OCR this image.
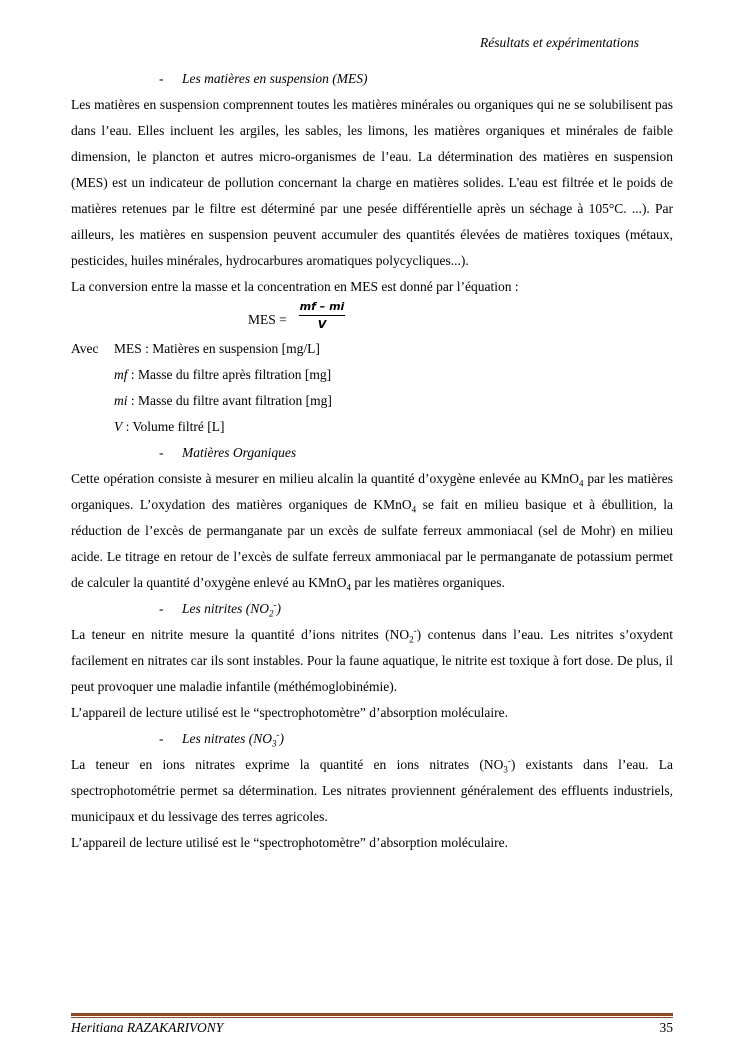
Résultats et expérimentations
- Les matières en suspension (MES)

Les matières en suspension comprennent toutes les matières minérales ou organiques qui ne se solubilisent pas dans l’eau. Elles incluent les argiles, les sables, les limons, les matières organiques et minérales de faible dimension, le plancton et autres micro-organismes de l’eau. La détermination des matières en suspension (MES) est un indicateur de pollution concernant la charge en matières solides. L'eau est filtrée et le poids de matières retenues par le filtre est déterminé par une pesée différentielle après un séchage à 105°C. ...). Par ailleurs, les matières en suspension peuvent accumuler des quantités élevées de matières toxiques (métaux, pesticides, huiles minérales, hydrocarbures aromatiques polycycliques...).

La conversion entre la masse et la concentration en MES est donné par l’équation :

MES = $\frac{mf - mi}{V}$
Avec MES : Matières en suspension [mg/L]
mf : Masse du filtre après filtration [mg]
mi : Masse du filtre avant filtration [mg]
V : Volume filtré [L]
- Matières Organiques

Cette opération consiste à mesurer en milieu alcalin la quantité d’oxygène enlevée au KMnO$_4$ par les matières organiques. L’oxydation des matières organiques de KMnO$_4$ se fait en milieu basique et à ébullition, la réduction de l’excès de permanganate par un excès de sulfate ferreux ammoniacal (sel de Mohr) en milieu acide. Le titrage en retour de l’excès de sulfate ferreux ammoniacal par le permanganate de potassium permet de calculer la quantité d’oxygène enlevé au KMnO$_4$ par les matières organiques.

- Les nitrites $(NO_2^-)$

La teneur en nitrite mesure la quantité d’ions nitrites $(NO_2^-)$ contenus dans l’eau. Les nitrites s’oxydent facilement en nitrates car ils sont instables. Pour la faune aquatique, le nitrite est toxique à fort dose. De plus, il peut provoquer une maladie infantile (méthémoglobinémie).

L’appareil de lecture utilisé est le “spectrophotomètre” d’absorption moléculaire.

- Les nitrates $(NO_3^-)$

La teneur en ions nitrates exprime la quantité en ions nitrates $(NO_3^-)$ existants dans l’eau. La spectrophotométrie permet sa détermination. Les nitrates proviennent généralement des effluents industriels, municipaux et du lessivage des terres agricoles.

L’appareil de lecture utilisé est le “spectrophotomètre” d’absorption moléculaire.

Heritiana RAZAKARIVONY	35
